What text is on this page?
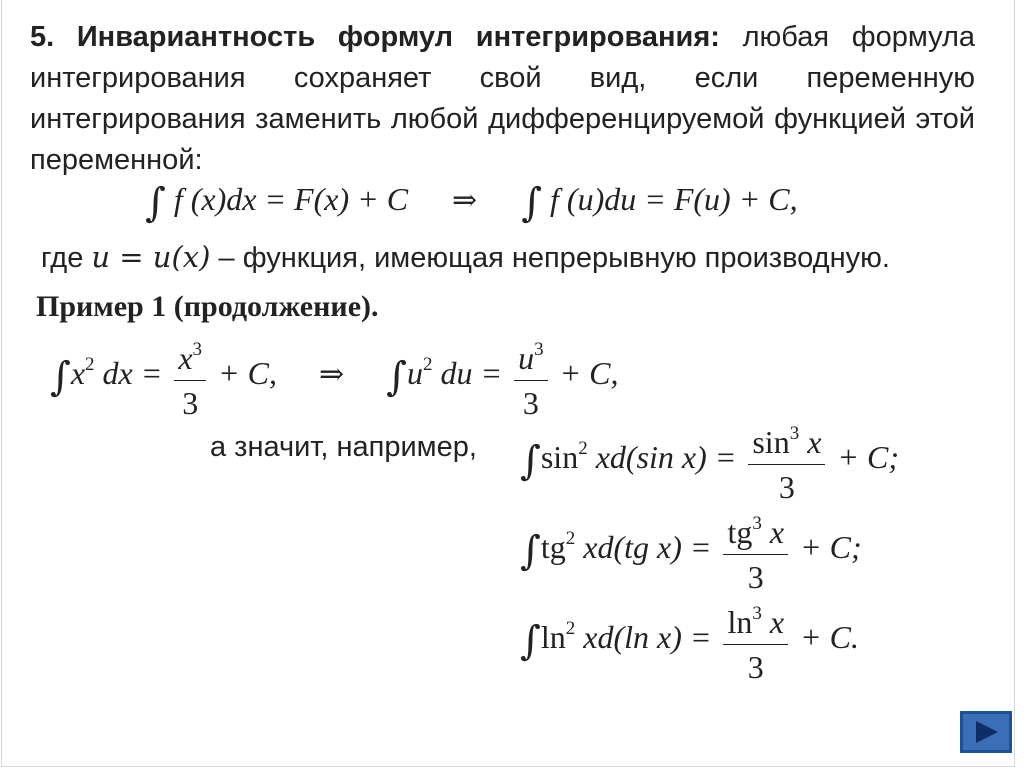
5. Инвариантность формул интегрирования: любая формула интегрирования сохраняет свой вид, если переменную интегрирования заменить любой дифференцируемой функцией этой переменной:
∫ f (x)dx = F(x) + C ⇒ ∫ f (u)du = F(u) + C,
где u = u(x) – функция, имеющая непрерывную производную.
Пример 1 (продолжение).
$\int x^2$ dx = $\frac{x^3}{3} + C$, ⇒ $\int u^2$ du = $\frac{u^3}{3} + C$,
а значит, например, $\int\sin^2$ xd(sin $x) = \frac{\sin^3 x}{3} + C$;
$\int tg^2$ xd(tg $x) = \frac{tg^3 x}{3} + C$;
$\int\ln^2$ xd(ln $x) = \frac{\ln^3 x}{3} + C$.
